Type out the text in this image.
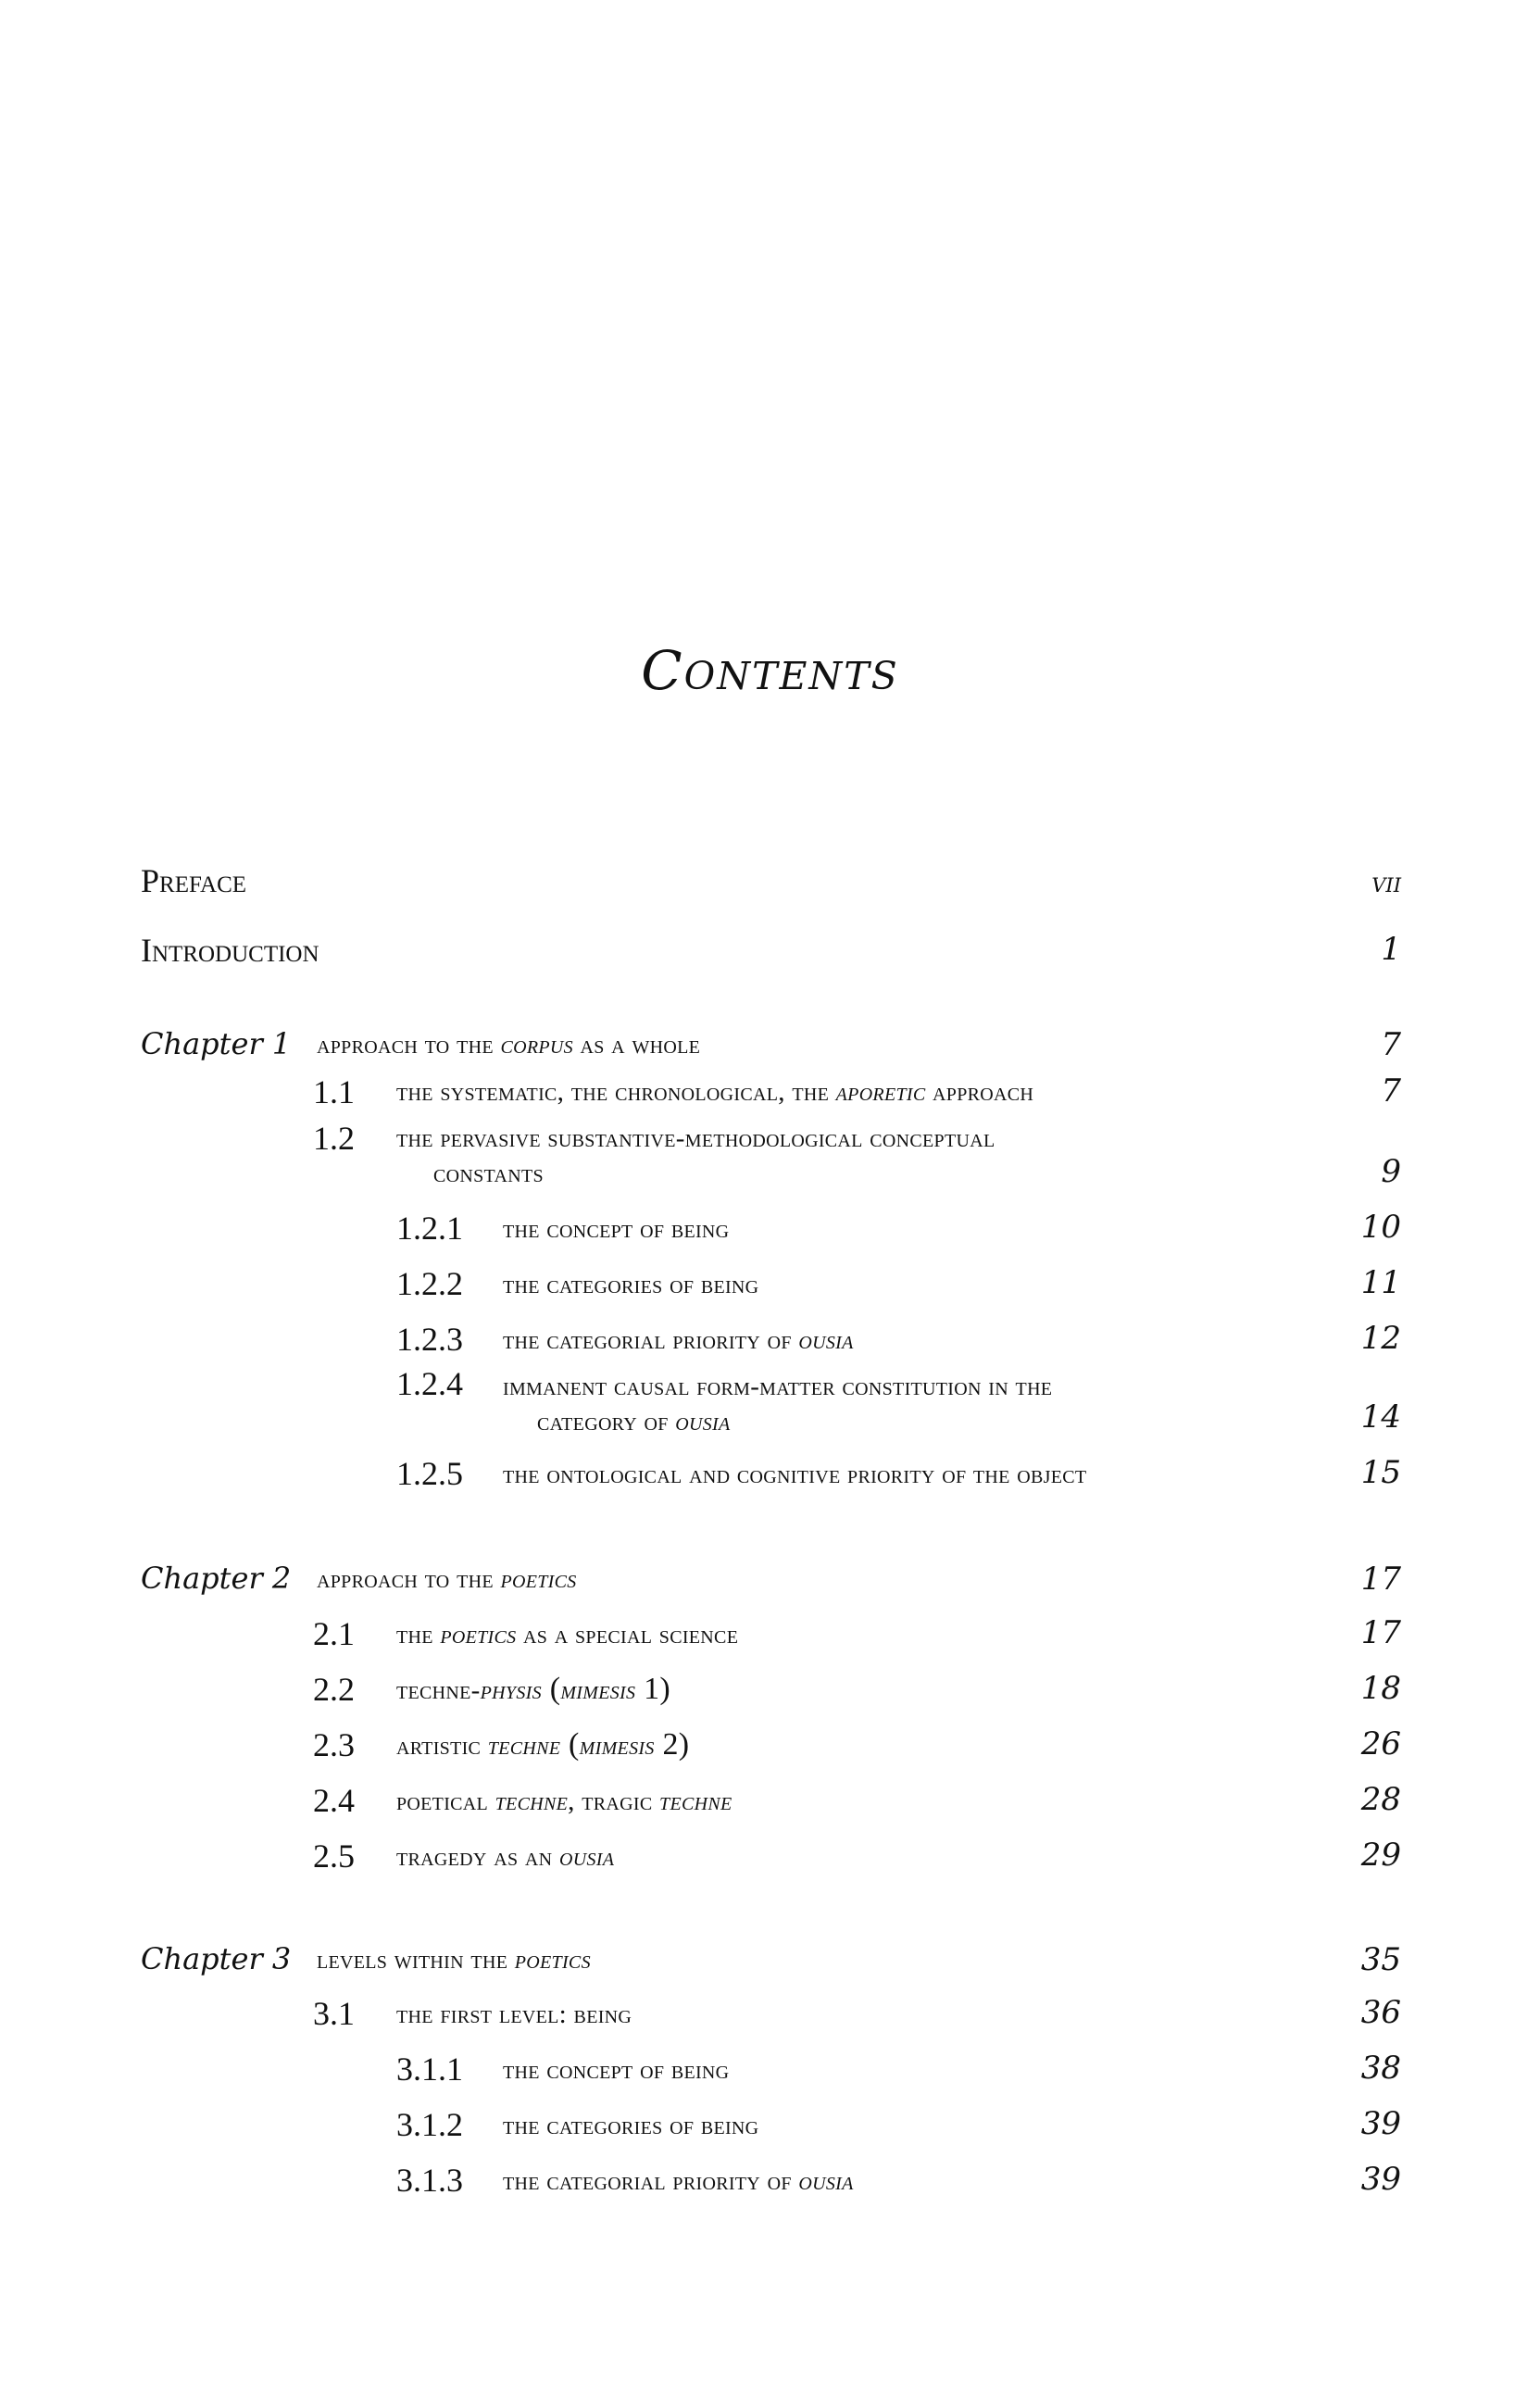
Contents
Preface	vii
Introduction	1
Chapter 1 approach to the corpus as a whole	7
1.1 the systematic, the chronological, the aporetic approach	7
1.2 the pervasive substantive-methodological conceptual
constants	9
1.2.1 the concept of being	10
1.2.2 the categories of being	11
1.2.3 the categorial priority of ousia	12
1.2.4 immanent causal form-matter constitution in the
category of ousia	14
1.2.5 the ontological and cognitive priority of the object	15
Chapter 2 approach to the poetics	17
2.1 the poetics as a special science	17
2.2 techne-physis (mimesis 1)	18
2.3 artistic techne (mimesis 2)	26
2.4 poetical techne, tragic techne	28
2.5 tragedy as an ousia	29
Chapter 3 levels within the poetics	35
3.1 the first level: being	36
3.1.1 the concept of being	38
3.1.2 the categories of being	39
3.1.3 the categorial priority of ousia	39
